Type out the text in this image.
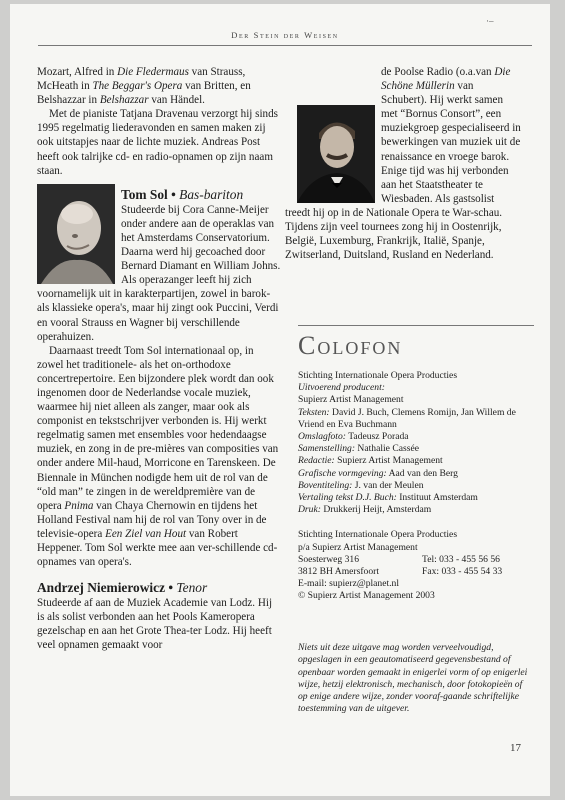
·–
Der Stein der Weisen

Mozart, Alfred in Die Fledermaus van Strauss, McHeath in The Beggar's Opera van Britten, en Belshazzar in Belshazzar van Händel.

Met de pianiste Tatjana Dravenau verzorgt hij sinds 1995 regelmatig liederavonden en samen maken zij ook uitstapjes naar de lichte muziek. Andreas Post heeft ook talrijke cd- en radio-opnamen op zijn naam staan.

Tom Sol • Bas-bariton

Studeerde bij Cora Canne-Meijer onder andere aan de operaklas van het Amsterdams Conservatorium. Daarna werd hij gecoached door Bernard Diamant en William Johns. Als operazanger leeft hij zich voornamelijk uit in karakterpartijen, zowel in barok- als klassieke opera's, maar hij zingt ook Puccini, Verdi en vooral Strauss en Wagner bij verschillende operahuizen.

Daarnaast treedt Tom Sol internationaal op, in zowel het traditionele- als het on-orthodoxe concertrepertoire. Een bijzondere plek wordt dan ook ingenomen door de Nederlandse vocale muziek, waarmee hij niet alleen als zanger, maar ook als componist en tekstschrijver verbonden is. Hij werkt regelmatig samen met ensembles voor hedendaagse muziek, en zong in de pre-mières van composities van onder andere Mil-haud, Morricone en Tarenskeen. De Biennale in München nodigde hem uit de rol van de “old man” te zingen in de wereldpremière van de opera Pnima van Chaya Chernowin en tijdens het Holland Festival nam hij de rol van Tony over in de televisie-opera Een Ziel van Hout van Robert Heppener. Tom Sol werkte mee aan ver-schillende cd-opnames van opera's.

Andrzej Niemierowicz • Tenor

Studeerde af aan de Muziek Academie van Lodz. Hij is als solist verbonden aan het Pools Kameropera gezelschap en aan het Grote Thea-ter Lodz. Hij heeft veel opnamen gemaakt voor

de Poolse Radio (o.a.van Die Schöne Müllerin van Schubert). Hij werkt samen met “Bornus Consort”, een muziekgroep gespecialiseerd in bewerkingen van muziek uit de renaissance en vroege barok. Enige tijd was hij verbonden aan het Staatstheater te Wiesbaden. Als gastsolist treedt hij op in de Nationale Opera te War-schau. Tijdens zijn veel tournees zong hij in Oostenrijk, België, Luxemburg, Frankrijk, Italië, Spanje, Zwitserland, Duitsland, Rusland en Nederland.

Colofon
Stichting Internationale Opera Producties
Uitvoerend producent:
Supierz Artist Management
Teksten: David J. Buch, Clemens Romijn, Jan Willem de Vriend en Eva Buchmann
Omslagfoto: Tadeusz Porada
Samenstelling: Nathalie Cassée
Redactie: Supierz Artist Management
Grafische vormgeving: Aad van den Berg
Boventiteling: J. van der Meulen
Vertaling tekst D.J. Buch: Instituut Amsterdam
Druk: Drukkerij Heijt, Amsterdam
Stichting Internationale Opera Producties
p/a Supierz Artist Management
Soesterweg 316	Tel: 033 - 455 56 56
3812 BH Amersfoort	Fax: 033 - 455 54 33
E-mail: supierz@planet.nl
© Supierz Artist Management 2003
Niets uit deze uitgave mag worden verveelvoudigd, opgeslagen in een geautomatiseerd gegevensbestand of openbaar worden gemaakt in enigerlei vorm of op enigerlei wijze, hetzij elektronisch, mechanisch, door fotokopieën of op enige andere wijze, zonder vooraf-gaande schriftelijke toestemming van de uitgever.
17
